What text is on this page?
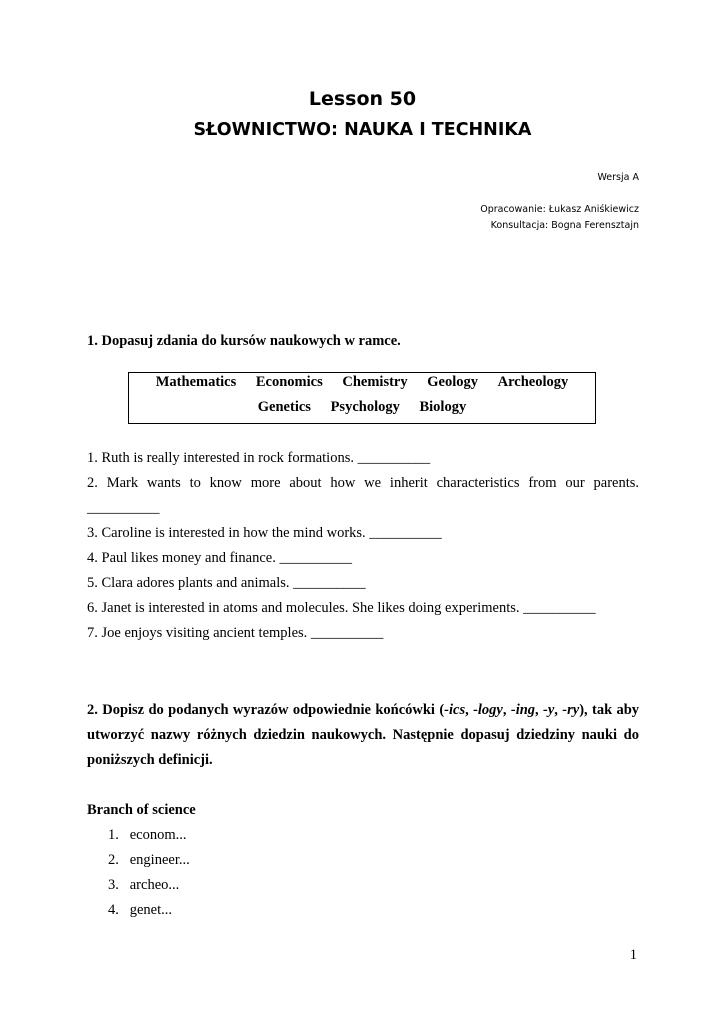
Lesson 50
SŁOWNICTWO: NAUKA I TECHNIKA
Wersja A
Opracowanie: Łukasz Aniśkiewicz
Konsultacja: Bogna Ferensztajn
1. Dopasuj zdania do kursów naukowych w ramce.
Mathematics Economics Chemistry Geology Archeology
Genetics Psychology Biology
1. Ruth is really interested in rock formations. __________
2. Mark wants to know more about how we inherit characteristics from our parents.
__________
3. Caroline is interested in how the mind works. __________
4. Paul likes money and finance. __________
5. Clara adores plants and animals. __________
6. Janet is interested in atoms and molecules. She likes doing experiments. __________
7. Joe enjoys visiting ancient temples. __________
2. Dopisz do podanych wyrazów odpowiednie końcówki (-ics, -logy, -ing, -y, -ry), tak aby utworzyć nazwy różnych dziedzin naukowych. Następnie dopasuj dziedziny nauki do poniższych definicji.
Branch of science
1.   econom...
2.   engineer...
3.   archeo...
4.   genet...
1
